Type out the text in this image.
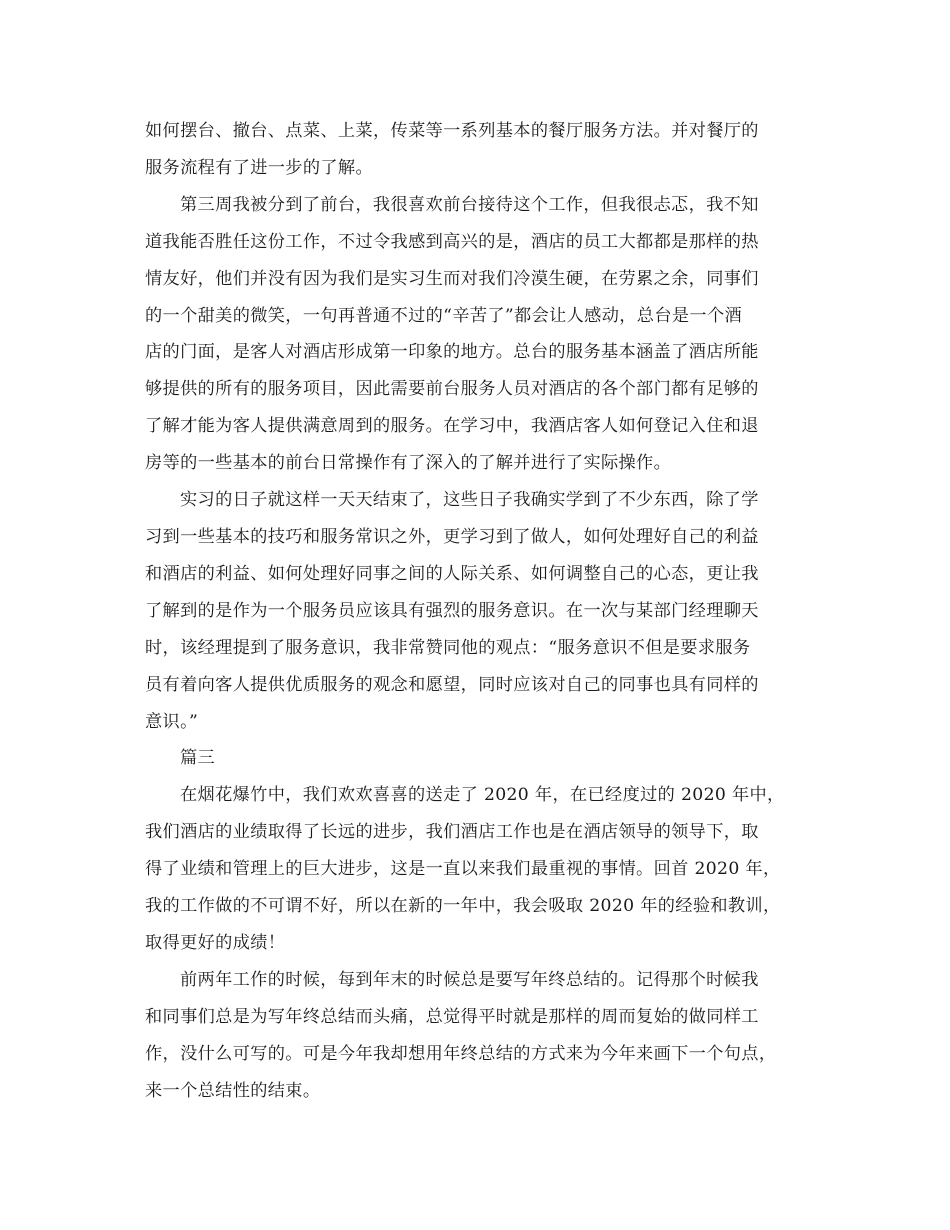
如何摆台、撤台、点菜、上菜，传菜等一系列基本的餐厅服务方法。并对餐厅的
服务流程有了进一步的了解。

第三周我被分到了前台，我很喜欢前台接待这个工作，但我很忐忑，我不知
道我能否胜任这份工作，不过令我感到高兴的是，酒店的员工大都都是那样的热
情友好，他们并没有因为我们是实习生而对我们冷漠生硬，在劳累之余，同事们
的一个甜美的微笑，一句再普通不过的“辛苦了”都会让人感动，总台是一个酒
店的门面，是客人对酒店形成第一印象的地方。总台的服务基本涵盖了酒店所能
够提供的所有的服务项目，因此需要前台服务人员对酒店的各个部门都有足够的
了解才能为客人提供满意周到的服务。在学习中，我酒店客人如何登记入住和退
房等的一些基本的前台日常操作有了深入的了解并进行了实际操作。

实习的日子就这样一天天结束了，这些日子我确实学到了不少东西，除了学
习到一些基本的技巧和服务常识之外，更学习到了做人，如何处理好自己的利益
和酒店的利益、如何处理好同事之间的人际关系、如何调整自己的心态，更让我
了解到的是作为一个服务员应该具有强烈的服务意识。在一次与某部门经理聊天
时，该经理提到了服务意识，我非常赞同他的观点：“服务意识不但是要求服务
员有着向客人提供优质服务的观念和愿望，同时应该对自己的同事也具有同样的
意识。”

篇三

在烟花爆竹中，我们欢欢喜喜的送走了 2020 年，在已经度过的 2020 年中，
我们酒店的业绩取得了长远的进步，我们酒店工作也是在酒店领导的领导下，取
得了业绩和管理上的巨大进步，这是一直以来我们最重视的事情。回首 2020 年，
我的工作做的不可谓不好，所以在新的一年中，我会吸取 2020 年的经验和教训，
取得更好的成绩！

前两年工作的时候，每到年末的时候总是要写年终总结的。记得那个时候我
和同事们总是为写年终总结而头痛，总觉得平时就是那样的周而复始的做同样工
作，没什么可写的。可是今年我却想用年终总结的方式来为今年来画下一个句点，
来一个总结性的结束。
